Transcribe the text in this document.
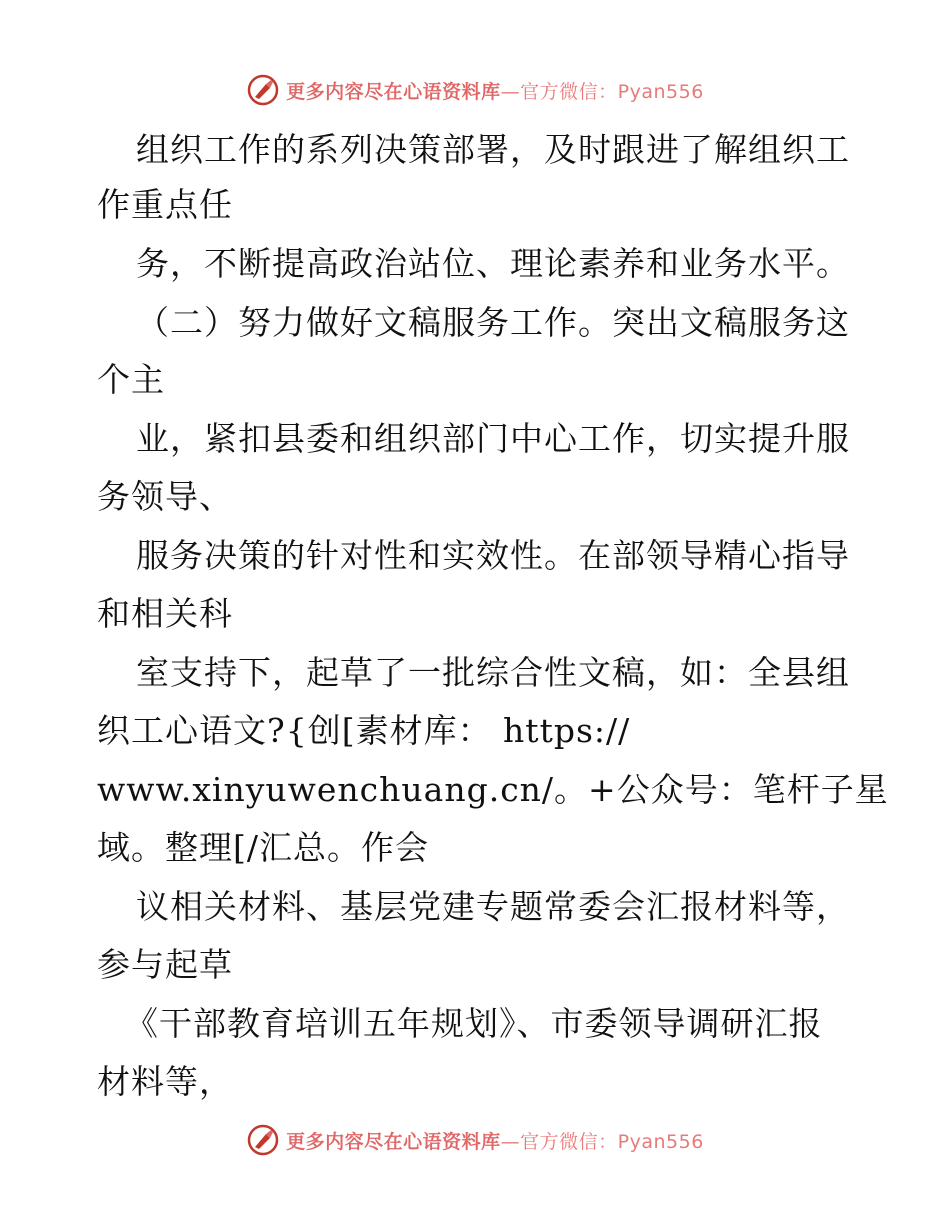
更多内容尽在心语资料库—官方微信：Pyan556
组织工作的系列决策部署，及时跟进了解组织工
作重点任
务，不断提高政治站位、理论素养和业务水平。
（二）努力做好文稿服务工作。突出文稿服务这
个主
业，紧扣县委和组织部门中心工作，切实提升服
务领导、
服务决策的针对性和实效性。在部领导精心指导
和相关科
室支持下，起草了一批综合性文稿，如：全县组
织工心语文?{创[素材库： https://
www.xinyuwenchuang.cn/。+公众号：笔杆子星
域。整理[/汇总。作会
议相关材料、基层党建专题常委会汇报材料等，
参与起草
《干部教育培训五年规划》、市委领导调研汇报
材料等，
更多内容尽在心语资料库—官方微信：Pyan556
